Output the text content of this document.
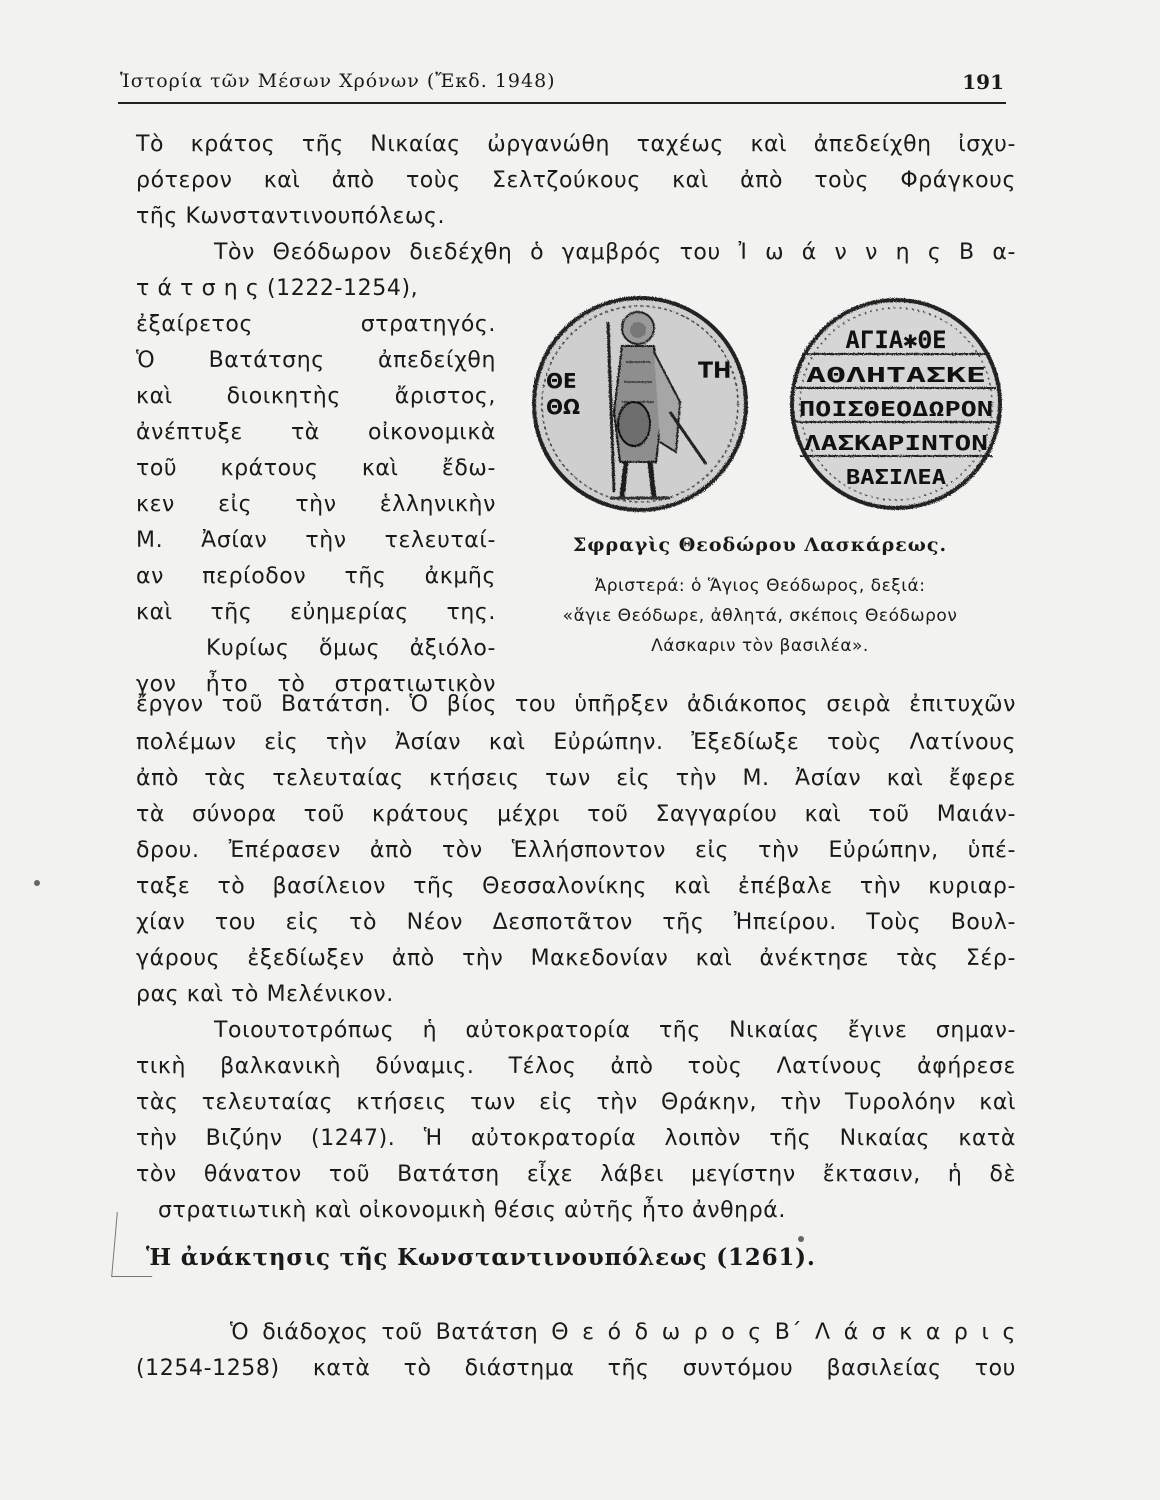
Ἱστορία τῶν Μέσων Χρόνων (Ἔκδ. 1948)	191
Τὸ κράτος τῆς Νικαίας ὠργανώθη ταχέως καὶ ἀπεδείχθη ἰσχυ-
ρότερον καὶ ἀπὸ τοὺς Σελτζούκους καὶ ἀπὸ τοὺς Φράγκους
τῆς Κωνσταντινουπόλεως.
Τὸν Θεόδωρον διεδέχθη ὁ γαμβρός του Ἰ ω ά ν ν η ς Β α-
τ ά τ σ η ς (1222-1254),
ἐξαίρετος στρατηγός.
Ὁ Βατάτσης ἀπεδείχθη
καὶ διοικητὴς ἄριστος,
ἀνέπτυξε τὰ οἰκονομικὰ
τοῦ κράτους καὶ ἔδω-
κεν εἰς τὴν ἑλληνικὴν
Μ. Ἀσίαν τὴν τελευταί-
αν περίοδον τῆς ἀκμῆς
καὶ τῆς εὐημερίας της.
Κυρίως ὅμως ἀξιόλο-
γον ἦτο τὸ στρατιωτικὸν
ΘΕ
ΘΩ
ΤΗ
ΑΓΙΑ✱ΘΕ
ΑΘΛΗΤΑΣΚΕ
ΠΟΙΣΘΕΟΔΩΡΟΝ
ΛΑΣΚΑΡΙΝΤΟΝ
ΒΑΣΙΛΕΑ
Σφραγὶς Θεοδώρου Λασκάρεως.
Ἀριστερά: ὁ Ἅγιος Θεόδωρος, δεξιά:
«ἅγιε Θεόδωρε, ἀθλητά, σκέποις Θεόδωρον
Λάσκαριν τὸν βασιλέα».
ἔργον τοῦ Βατάτση. Ὁ βίος του ὑπῆρξεν ἀδιάκοπος σειρὰ ἐπιτυχῶν
πολέμων εἰς τὴν Ἀσίαν καὶ Εὐρώπην. Ἐξεδίωξε τοὺς Λατίνους
ἀπὸ τὰς τελευταίας κτήσεις των εἰς τὴν Μ. Ἀσίαν καὶ ἔφερε
τὰ σύνορα τοῦ κράτους μέχρι τοῦ Σαγγαρίου καὶ τοῦ Μαιάν-
δρου. Ἐπέρασεν ἀπὸ τὸν Ἑλλήσποντον εἰς τὴν Εὐρώπην, ὑπέ-
ταξε τὸ βασίλειον τῆς Θεσσαλονίκης καὶ ἐπέβαλε τὴν κυριαρ-
χίαν του εἰς τὸ Νέον Δεσποτᾶτον τῆς Ἠπείρου. Τοὺς Βουλ-
γάρους ἐξεδίωξεν ἀπὸ τὴν Μακεδονίαν καὶ ἀνέκτησε τὰς Σέρ-
ρας καὶ τὸ Μελένικον.
Τοιουτοτρόπως ἡ αὐτοκρατορία τῆς Νικαίας ἔγινε σημαν-
τικὴ βαλκανικὴ δύναμις. Τέλος ἀπὸ τοὺς Λατίνους ἀφήρεσε
τὰς τελευταίας κτήσεις των εἰς τὴν Θράκην, τὴν Τυρολόην καὶ
τὴν Βιζύην (1247). Ἡ αὐτοκρατορία λοιπὸν τῆς Νικαίας κατὰ
τὸν θάνατον τοῦ Βατάτση εἶχε λάβει μεγίστην ἔκτασιν, ἡ δὲ
στρατιωτικὴ καὶ οἰκονομικὴ θέσις αὐτῆς ἦτο ἀνθηρά.
Ἡ ἀνάκτησις τῆς Κωνσταντινουπόλεως (1261).
Ὁ διάδοχος τοῦ Βατάτση Θ ε ό δ ω ρ ο ς Β΄ Λ ά σ κ α ρ ι ς
(1254-1258) κατὰ τὸ διάστημα τῆς συντόμου βασιλείας του
